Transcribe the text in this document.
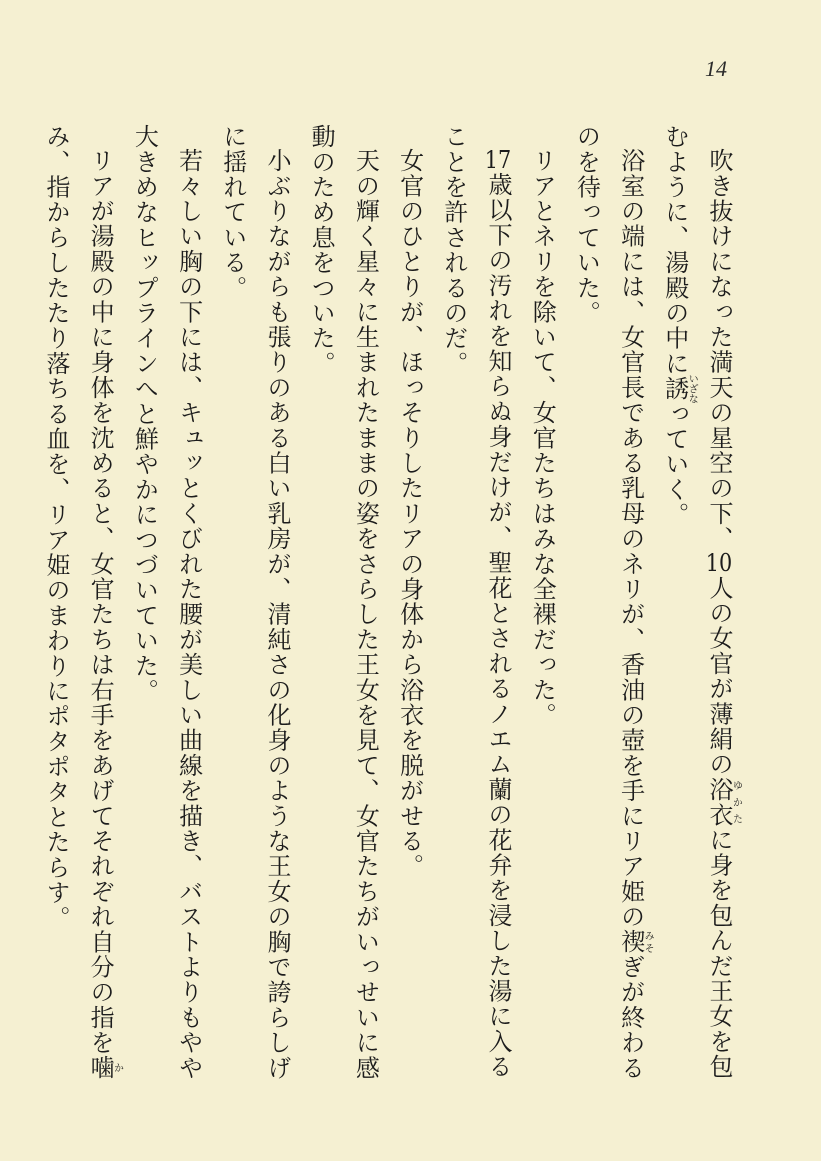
14

吹き抜けになった満天の星空の下、10人の女官が薄絹の浴衣ゆかたに身を包んだ王女を包むように、湯殿の中に誘いざなっていく。

浴室の端には、女官長である乳母のネリが、香油の壺を手にリア姫の禊みそぎが終わるのを待っていた。

リアとネリを除いて、女官たちはみな全裸だった。

17歳以下の汚れを知らぬ身だけが、聖花とされるノエム蘭の花弁を浸した湯に入ることを許されるのだ。

女官のひとりが、ほっそりしたリアの身体から浴衣を脱がせる。

天の輝く星々に生まれたままの姿をさらした王女を見て、女官たちがいっせいに感動のため息をついた。

小ぶりながらも張りのある白い乳房が、清純さの化身のような王女の胸で誇らしげに揺れている。

若々しい胸の下には、キュッとくびれた腰が美しい曲線を描き、バストよりもやや大きめなヒップラインへと鮮やかにつづいていた。

リアが湯殿の中に身体を沈めると、女官たちは右手をあげてそれぞれ自分の指を噛かみ、指からしたたり落ちる血を、リア姫のまわりにポタポタとたらす。
